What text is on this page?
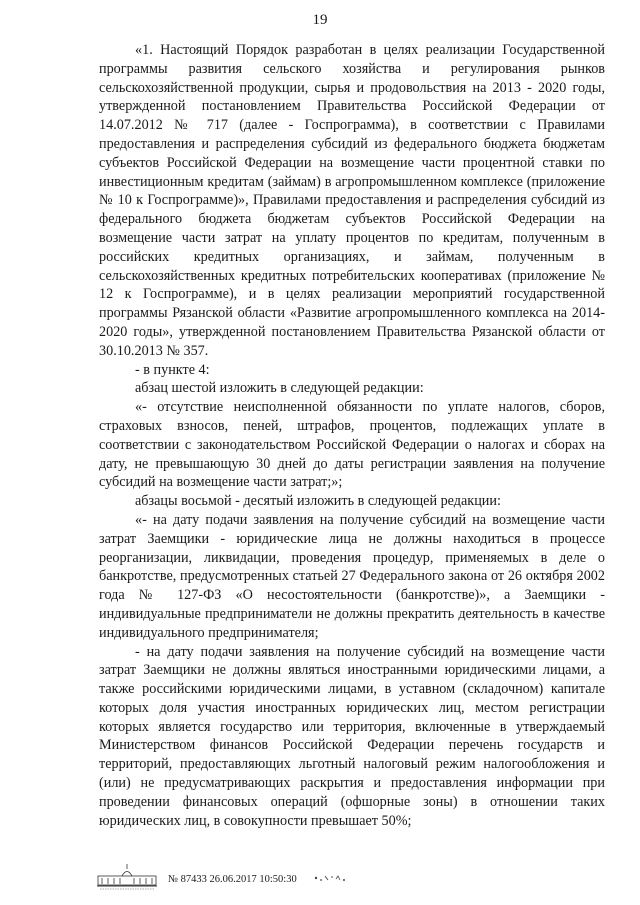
19

«1. Настоящий Порядок разработан в целях реализации Государственной программы развития сельского хозяйства и регулирования рынков сельскохозяйственной продукции, сырья и продовольствия на 2013 - 2020 годы, утвержденной постановлением Правительства Российской Федерации от 14.07.2012 № 717 (далее - Госпрограмма), в соответствии с Правилами предоставления и распределения субсидий из федерального бюджета бюджетам субъектов Российской Федерации на возмещение части процентной ставки по инвестиционным кредитам (займам) в агропромышленном комплексе (приложение № 10 к Госпрограмме)», Правилами предоставления и распределения субсидий из федерального бюджета бюджетам субъектов Российской Федерации на возмещение части затрат на уплату процентов по кредитам, полученным в российских кредитных организациях, и займам, полученным в сельскохозяйственных кредитных потребительских кооперативах (приложение № 12 к Госпрограмме), и в целях реализации мероприятий государственной программы Рязанской области «Развитие агропромышленного комплекса на 2014-2020 годы», утвержденной постановлением Правительства Рязанской области от 30.10.2013 № 357.

- в пункте 4:

абзац шестой изложить в следующей редакции:

«- отсутствие неисполненной обязанности по уплате налогов, сборов, страховых взносов, пеней, штрафов, процентов, подлежащих уплате в соответствии с законодательством Российской Федерации о налогах и сборах на дату, не превышающую 30 дней до даты регистрации заявления на получение субсидий на возмещение части затрат;»;

абзацы восьмой - десятый изложить в следующей редакции:

«- на дату подачи заявления на получение субсидий на возмещение части затрат Заемщики - юридические лица не должны находиться в процессе реорганизации, ликвидации, проведения процедур, применяемых в деле о банкротстве, предусмотренных статьей 27 Федерального закона от 26 октября 2002 года № 127-ФЗ «О несостоятельности (банкротстве)», а Заемщики - индивидуальные предприниматели не должны прекратить деятельность в качестве индивидуального предпринимателя;

- на дату подачи заявления на получение субсидий на возмещение части затрат Заемщики не должны являться иностранными юридическими лицами, а также российскими юридическими лицами, в уставном (складочном) капитале которых доля участия иностранных юридических лиц, местом регистрации которых является государство или территория, включенные в утверждаемый Министерством финансов Российской Федерации перечень государств и территорий, предоставляющих льготный налоговый режим налогообложения и (или) не предусматривающих раскрытия и предоставления информации при проведении финансовых операций (офшорные зоны) в отношении таких юридических лиц, в совокупности превышает 50%;

№ 87433 26.06.2017 10:50:30
